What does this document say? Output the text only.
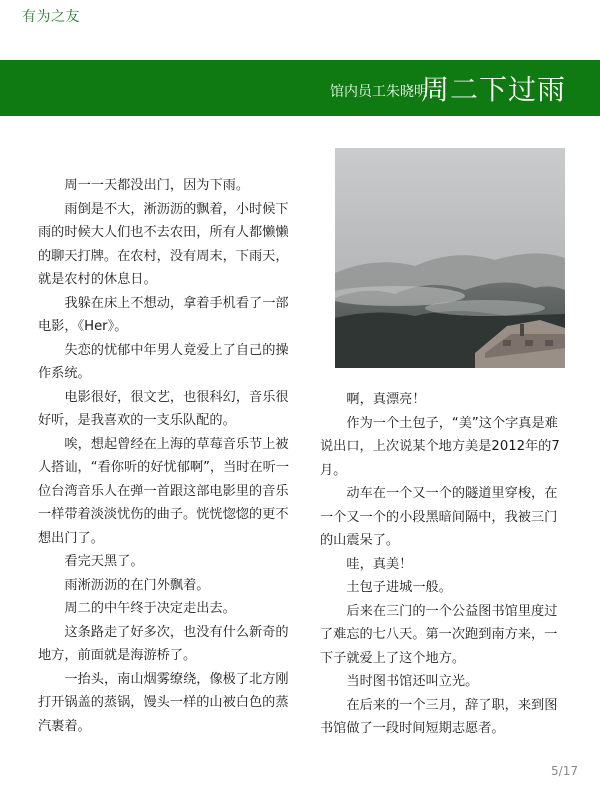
有为之友
馆内员工朱晓明
周二下过雨

周一一天都没出门，因为下雨。

雨倒是不大，淅沥沥的飘着，小时候下雨的时候大人们也不去农田，所有人都懒懒的聊天打牌。在农村，没有周末，下雨天，就是农村的休息日。

我躲在床上不想动，拿着手机看了一部电影，《Her》。

失恋的忧郁中年男人竟爱上了自己的操作系统。

电影很好，很文艺，也很科幻，音乐很好听，是我喜欢的一支乐队配的。

唉，想起曾经在上海的草莓音乐节上被人搭讪，“看你听的好忧郁啊”，当时在听一位台湾音乐人在弹一首跟这部电影里的音乐一样带着淡淡忧伤的曲子。恍恍惚惚的更不想出门了。

看完天黑了。

雨淅沥沥的在门外飘着。

周二的中午终于决定走出去。

这条路走了好多次，也没有什么新奇的地方，前面就是海游桥了。

一抬头，南山烟雾缭绕，像极了北方刚打开锅盖的蒸锅，馒头一样的山被白色的蒸汽裹着。

啊，真漂亮！

作为一个土包子，“美”这个字真是难说出口，上次说某个地方美是2012年的7月。

动车在一个又一个的隧道里穿梭，在一个又一个的小段黑暗间隔中，我被三门的山震呆了。

哇，真美！

土包子进城一般。

后来在三门的一个公益图书馆里度过了难忘的七八天。第一次跑到南方来，一下子就爱上了这个地方。

当时图书馆还叫立光。

在后来的一个三月，辞了职，来到图书馆做了一段时间短期志愿者。

5/17
